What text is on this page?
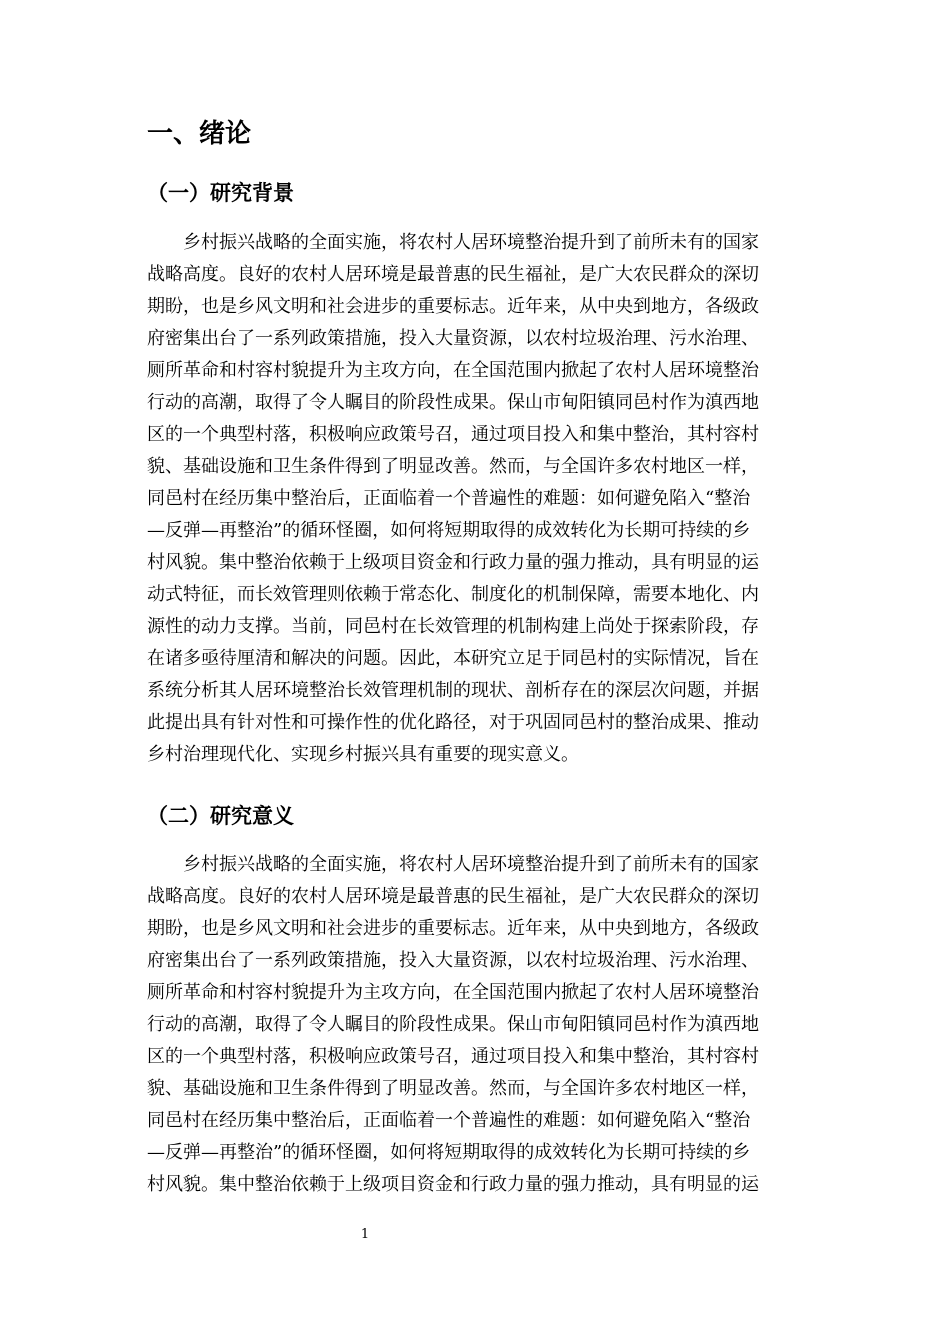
一、绪论
（一）研究背景
乡村振兴战略的全面实施，将农村人居环境整治提升到了前所未有的国家
战略高度。良好的农村人居环境是最普惠的民生福祉，是广大农民群众的深切
期盼，也是乡风文明和社会进步的重要标志。近年来，从中央到地方，各级政
府密集出台了一系列政策措施，投入大量资源，以农村垃圾治理、污水治理、
厕所革命和村容村貌提升为主攻方向，在全国范围内掀起了农村人居环境整治
行动的高潮，取得了令人瞩目的阶段性成果。保山市甸阳镇同邑村作为滇西地
区的一个典型村落，积极响应政策号召，通过项目投入和集中整治，其村容村
貌、基础设施和卫生条件得到了明显改善。然而，与全国许多农村地区一样，
同邑村在经历集中整治后，正面临着一个普遍性的难题：如何避免陷入“整治
—反弹—再整治”的循环怪圈，如何将短期取得的成效转化为长期可持续的乡
村风貌。集中整治依赖于上级项目资金和行政力量的强力推动，具有明显的运
动式特征，而长效管理则依赖于常态化、制度化的机制保障，需要本地化、内
源性的动力支撑。当前，同邑村在长效管理的机制构建上尚处于探索阶段，存
在诸多亟待厘清和解决的问题。因此，本研究立足于同邑村的实际情况，旨在
系统分析其人居环境整治长效管理机制的现状、剖析存在的深层次问题，并据
此提出具有针对性和可操作性的优化路径，对于巩固同邑村的整治成果、推动
乡村治理现代化、实现乡村振兴具有重要的现实意义。
（二）研究意义
乡村振兴战略的全面实施，将农村人居环境整治提升到了前所未有的国家
战略高度。良好的农村人居环境是最普惠的民生福祉，是广大农民群众的深切
期盼，也是乡风文明和社会进步的重要标志。近年来，从中央到地方，各级政
府密集出台了一系列政策措施，投入大量资源，以农村垃圾治理、污水治理、
厕所革命和村容村貌提升为主攻方向，在全国范围内掀起了农村人居环境整治
行动的高潮，取得了令人瞩目的阶段性成果。保山市甸阳镇同邑村作为滇西地
区的一个典型村落，积极响应政策号召，通过项目投入和集中整治，其村容村
貌、基础设施和卫生条件得到了明显改善。然而，与全国许多农村地区一样，
同邑村在经历集中整治后，正面临着一个普遍性的难题：如何避免陷入“整治
—反弹—再整治”的循环怪圈，如何将短期取得的成效转化为长期可持续的乡
村风貌。集中整治依赖于上级项目资金和行政力量的强力推动，具有明显的运
1
